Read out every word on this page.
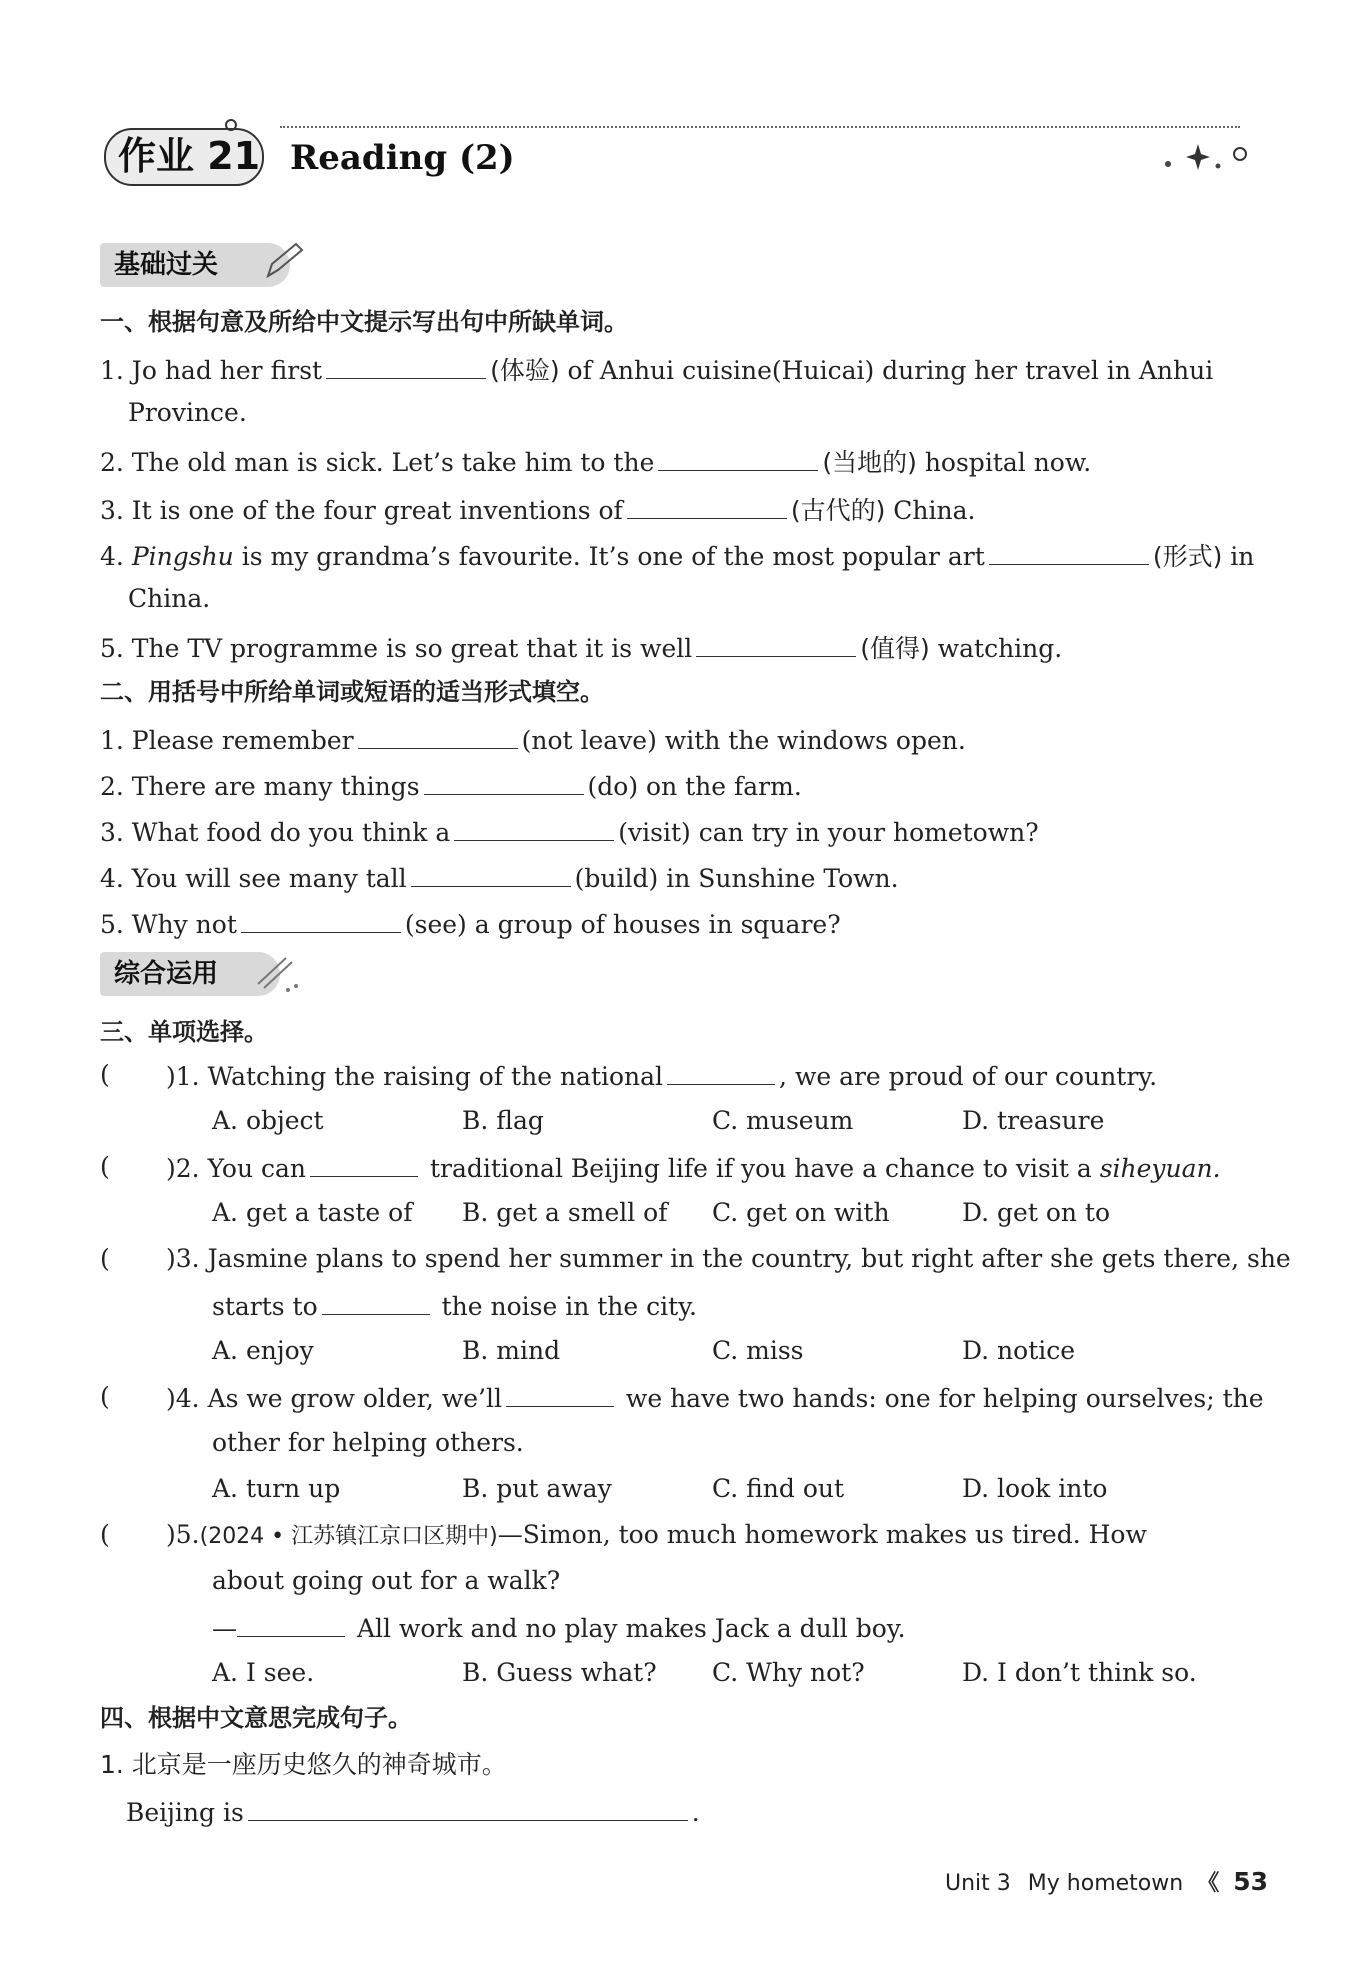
作业 21 Reading (2)
基础过关
一、根据句意及所给中文提示写出句中所缺单词。
1. Jo had her first	(体验) of Anhui cuisine(Huicai) during her travel in Anhui
Province.
2. The old man is sick. Let’s take him to the	(当地的) hospital now.
3. It is one of the four great inventions of	(古代的) China.
4. Pingshu is my grandma’s favourite. It’s one of the most popular art	(形式) in
China.
5. The TV programme is so great that it is well	(值得) watching.
二、用括号中所给单词或短语的适当形式填空。
1. Please remember	(not leave) with the windows open.
2. There are many things	(do) on the farm.
3. What food do you think a	(visit) can try in your hometown?
4. You will see many tall	(build) in Sunshine Town.
5. Why not	(see) a group of houses in square?
综合运用
三、单项选择。
( )1. Watching the raising of the national	, we are proud of our country.
A. object	B. flag	C. museum	D. treasure
( )2. You can	traditional Beijing life if you have a chance to visit a siheyuan.
A. get a taste of B. get a smell of C. get on with	D. get on to
( )3. Jasmine plans to spend her summer in the country, but right after she gets there, she
starts to	the noise in the city.
A. enjoy	B. mind	C. miss	D. notice
( )4. As we grow older, we’ll	we have two hands: one for helping ourselves; the
other for helping others.
A. turn up	B. put away	C. find out	D. look into
( )5.(2024 • 江苏镇江京口区期中)—Simon, too much homework makes us tired. How
about going out for a walk?
—	All work and no play makes Jack a dull boy.
A. I see.	B. Guess what? C. Why not?	D. I don’t think so.
四、根据中文意思完成句子。
1. 北京是一座历史悠久的神奇城市。
Beijing is	.
Unit 3 My hometown 《 53
